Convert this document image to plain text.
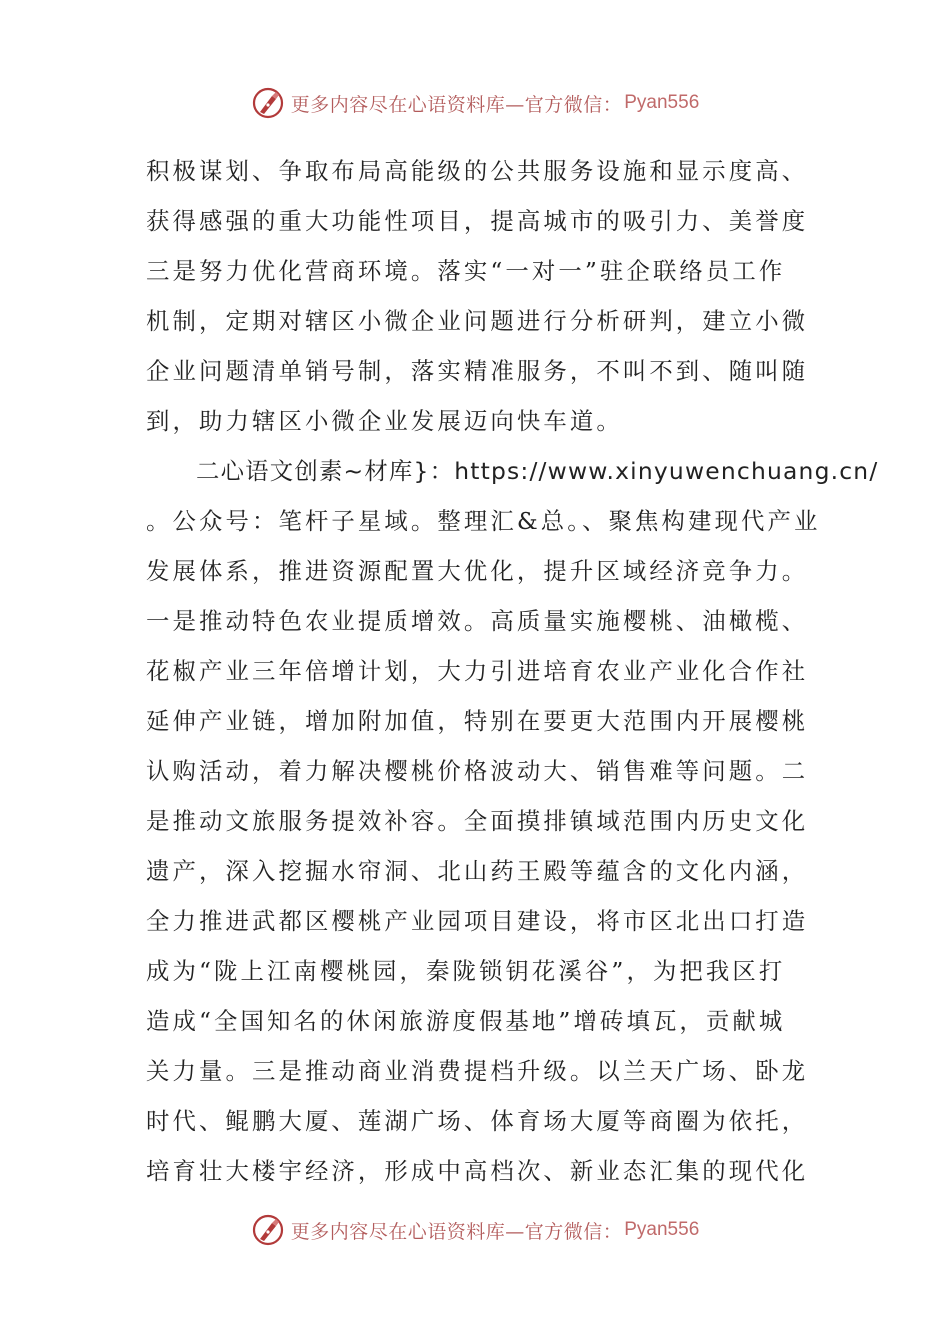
更多内容尽在心语资料库—官方微信： Pyan556
积极谋划、争取布局高能级的公共服务设施和显示度高、
获得感强的重大功能性项目，提高城市的吸引力、美誉度
三是努力优化营商环境。落实“一对一”驻企联络员工作
机制，定期对辖区小微企业问题进行分析研判，建立小微
企业问题清单销号制，落实精准服务，不叫不到、随叫随
到，助力辖区小微企业发展迈向快车道。
二心语文创素~材库}：https://www.xinyuwenchuang.cn/
。公众号：笔杆子星域。整理汇&总。、聚焦构建现代产业
发展体系，推进资源配置大优化，提升区域经济竞争力。
一是推动特色农业提质增效。高质量实施樱桃、油橄榄、
花椒产业三年倍增计划，大力引进培育农业产业化合作社
延伸产业链，增加附加值，特别在要更大范围内开展樱桃
认购活动，着力解决樱桃价格波动大、销售难等问题。二
是推动文旅服务提效补容。全面摸排镇域范围内历史文化
遗产，深入挖掘水帘洞、北山药王殿等蕴含的文化内涵，
全力推进武都区樱桃产业园项目建设，将市区北出口打造
成为“陇上江南樱桃园，秦陇锁钥花溪谷”，为把我区打
造成“全国知名的休闲旅游度假基地”增砖填瓦，贡献城
关力量。三是推动商业消费提档升级。以兰天广场、卧龙
时代、鲲鹏大厦、莲湖广场、体育场大厦等商圈为依托，
培育壮大楼宇经济，形成中高档次、新业态汇集的现代化
更多内容尽在心语资料库—官方微信： Pyan556
